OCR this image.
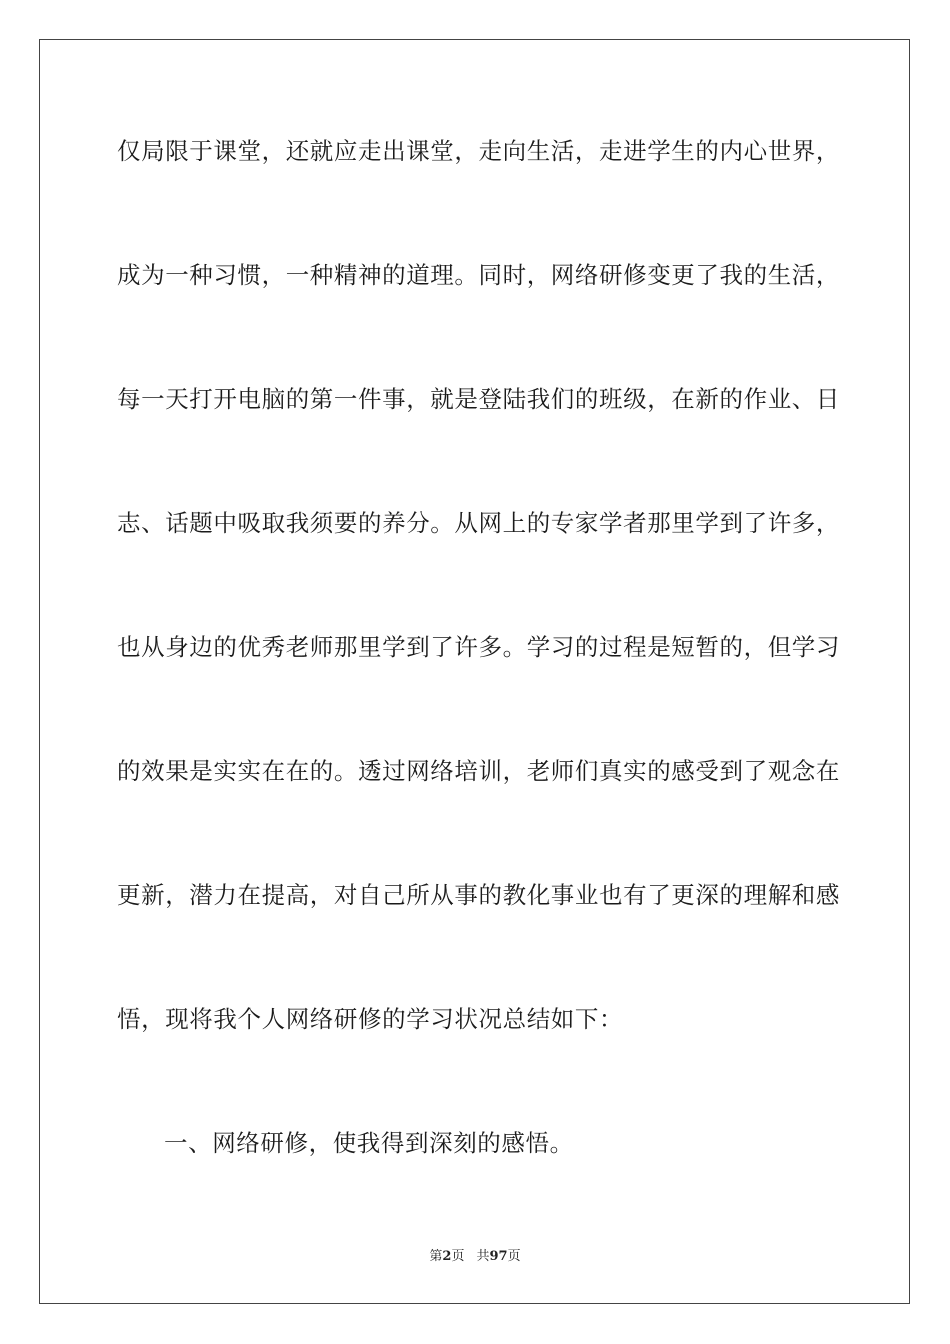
仅局限于课堂，还就应走出课堂，走向生活，走进学生的内心世界，
成为一种习惯，一种精神的道理。同时，网络研修变更了我的生活，
每一天打开电脑的第一件事，就是登陆我们的班级，在新的作业、日
志、话题中吸取我须要的养分。从网上的专家学者那里学到了许多，
也从身边的优秀老师那里学到了许多。学习的过程是短暂的，但学习
的效果是实实在在的。透过网络培训，老师们真实的感受到了观念在
更新，潜力在提高，对自己所从事的教化事业也有了更深的理解和感
悟，现将我个人网络研修的学习状况总结如下：
一、网络研修，使我得到深刻的感悟。
第2页 共97页
